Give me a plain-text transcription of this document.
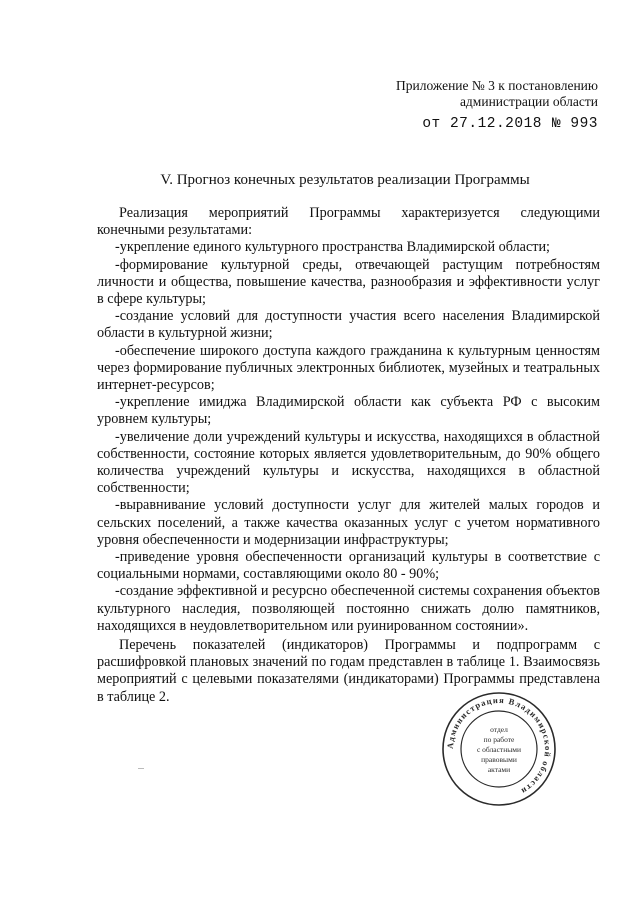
Приложение № 3 к постановлению
администрации области
от 27.12.2018 № 993
V. Прогноз конечных результатов реализации Программы

Реализация мероприятий Программы характеризуется следующими конечными результатами:

-укрепление единого культурного пространства Владимирской области;

-формирование культурной среды, отвечающей растущим потребностям личности и общества, повышение качества, разнообразия и эффективности услуг в сфере культуры;

-создание условий для доступности участия всего населения Владимирской области в культурной жизни;

-обеспечение широкого доступа каждого гражданина к культурным ценностям через формирование публичных электронных библиотек, музейных и театральных интернет-ресурсов;

-укрепление имиджа Владимирской области как субъекта РФ с высоким уровнем культуры;

-увеличение доли учреждений культуры и искусства, находящихся в областной собственности, состояние которых является удовлетворительным, до 90% общего количества учреждений культуры и искусства, находящихся в областной собственности;

-выравнивание условий доступности услуг для жителей малых городов и сельских поселений, а также качества оказанных услуг с учетом нормативного уровня обеспеченности и модернизации инфраструктуры;

-приведение уровня обеспеченности организаций культуры в соответствие с социальными нормами, составляющими около 80 - 90%;

-создание эффективной и ресурсно обеспеченной системы сохранения объектов культурного наследия, позволяющей постоянно снижать долю памятников, находящихся в неудовлетворительном или руинированном состоянии».

Перечень показателей (индикаторов) Программы и подпрограмм с расшифровкой плановых значений по годам представлен в таблице 1. Взаимосвязь мероприятий с целевыми показателями (индикаторами) Программы представлена в таблице 2.

Администрация Владимирской области
отдел
по работе
с областными
правовыми
актами
